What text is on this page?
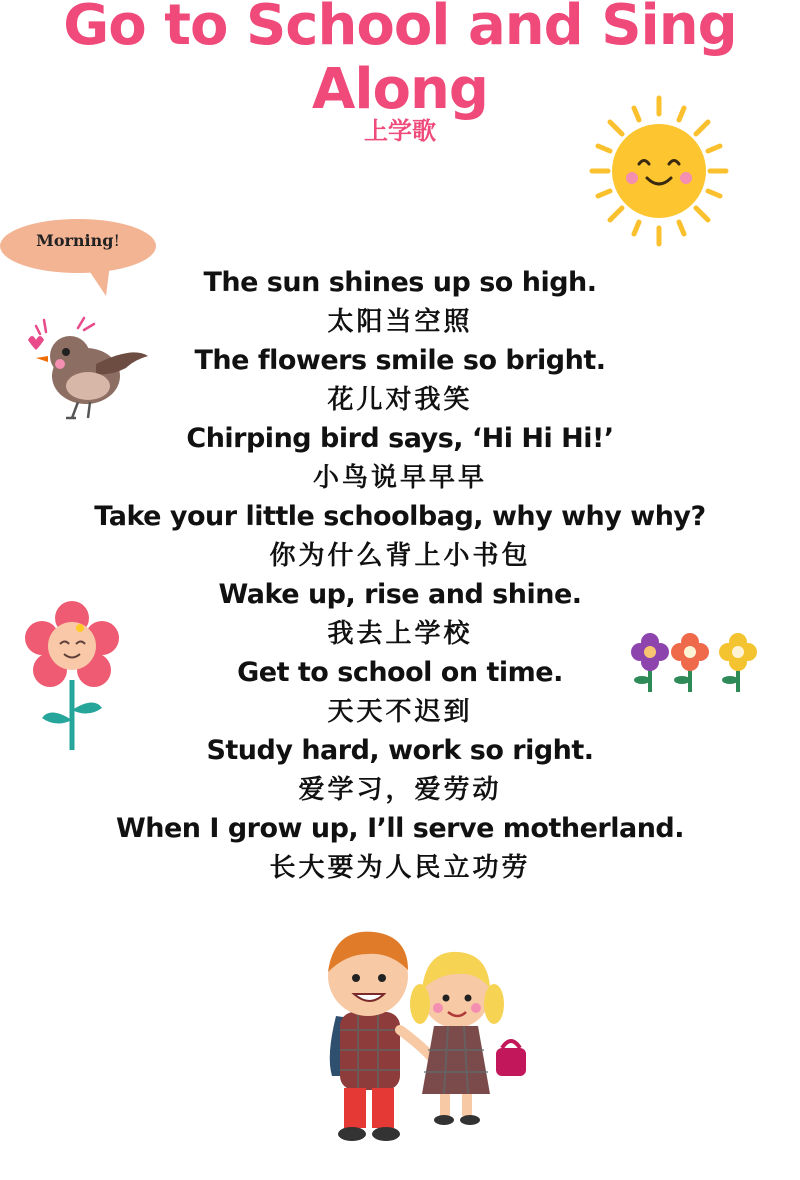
Go to School and Sing Along
上学歌
Morning!
The sun shines up so high.
太阳当空照
The flowers smile so bright.
花儿对我笑
Chirping bird says, ‘Hi Hi Hi!’
小鸟说早早早
Take your little schoolbag, why why why?
你为什么背上小书包
Wake up, rise and shine.
我去上学校
Get to school on time.
天天不迟到
Study hard, work so right.
爱学习，爱劳动
When I grow up, I’ll serve motherland.
长大要为人民立功劳
